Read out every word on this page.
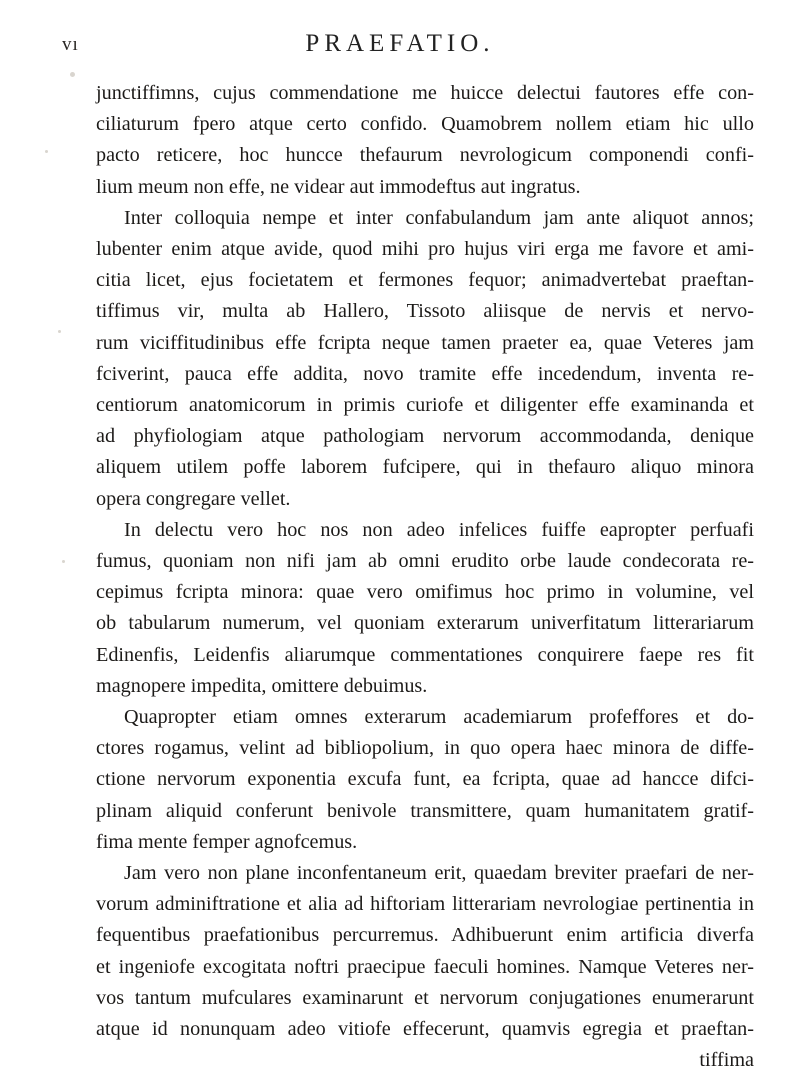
vı	PRAEFATIO.
junctiffimns, cujus commendatione me huicce delectui fautores effe con-
ciliaturum fpero atque certo confido. Quamobrem nollem etiam hic ullo
pacto reticere, hoc huncce thefaurum nevrologicum componendi confi-
lium meum non effe, ne videar aut immodeftus aut ingratus.
Inter colloquia nempe et inter confabulandum jam ante aliquot annos;
lubenter enim atque avide, quod mihi pro hujus viri erga me favore et ami-
citia licet, ejus focietatem et fermones fequor; animadvertebat praeftan-
tiffimus vir, multa ab Hallero, Tissoto aliisque de nervis et nervo-
rum viciffitudinibus effe fcripta neque tamen praeter ea, quae Veteres jam
fciverint, pauca effe addita, novo tramite effe incedendum, inventa re-
centiorum anatomicorum in primis curiofe et diligenter effe examinanda et
ad phyfiologiam atque pathologiam nervorum accommodanda, denique
aliquem utilem poffe laborem fufcipere, qui in thefauro aliquo minora
opera congregare vellet.
In delectu vero hoc nos non adeo infelices fuiffe eapropter perfuafi
fumus, quoniam non nifi jam ab omni erudito orbe laude condecorata re-
cepimus fcripta minora: quae vero omifimus hoc primo in volumine, vel
ob tabularum numerum, vel quoniam exterarum univerfitatum litterariarum
Edinenfis, Leidenfis aliarumque commentationes conquirere faepe res fit
magnopere impedita, omittere debuimus.
Quapropter etiam omnes exterarum academiarum profeffores et do-
ctores rogamus, velint ad bibliopolium, in quo opera haec minora de diffe-
ctione nervorum exponentia excufa funt, ea fcripta, quae ad hancce difci-
plinam aliquid conferunt benivole transmittere, quam humanitatem gratif-
fima mente femper agnofcemus.
Jam vero non plane inconfentaneum erit, quaedam breviter praefari de ner-
vorum adminiftratione et alia ad hiftoriam litterariam nevrologiae pertinentia in
fequentibus praefationibus percurremus. Adhibuerunt enim artificia diverfa
et ingeniofe excogitata noftri praecipue faeculi homines. Namque Veteres ner-
vos tantum mufculares examinarunt et nervorum conjugationes enumerarunt
atque id nonunquam adeo vitiofe effecerunt, quamvis egregia et praeftan-
tiffima
